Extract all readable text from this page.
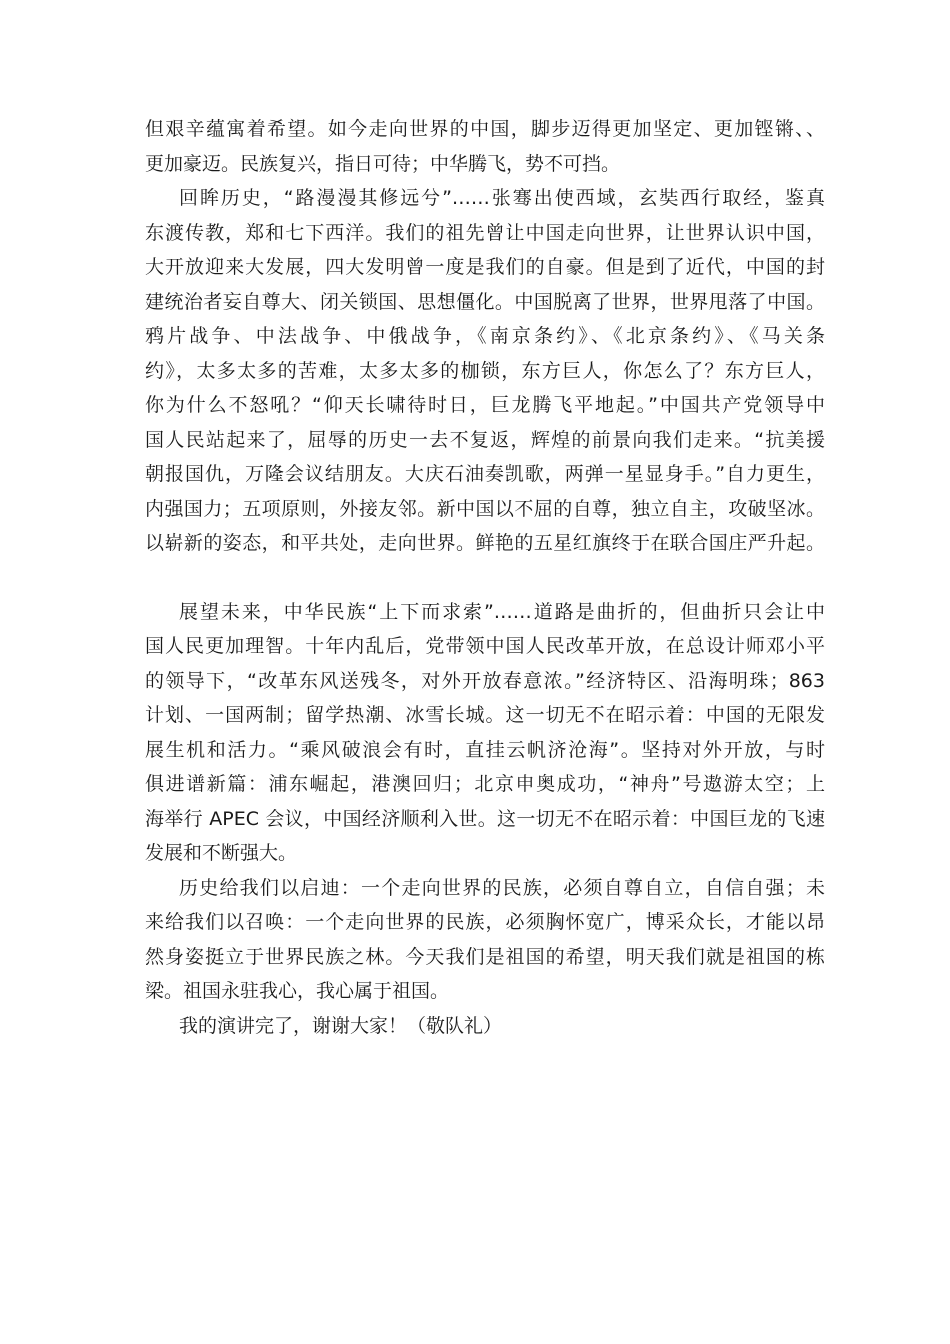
但艰辛蕴寓着希望。如今走向世界的中国，脚步迈得更加坚定、更加铿锵、、
更加豪迈。民族复兴，指日可待；中华腾飞，势不可挡。
回眸历史，“路漫漫其修远兮”……张骞出使西域，玄奘西行取经，鉴真
东渡传教，郑和七下西洋。我们的祖先曾让中国走向世界，让世界认识中国，
大开放迎来大发展，四大发明曾一度是我们的自豪。但是到了近代，中国的封
建统治者妄自尊大、闭关锁国、思想僵化。中国脱离了世界，世界甩落了中国。
鸦片战争、中法战争、中俄战争，《南京条约》、《北京条约》、《马关条
约》，太多太多的苦难，太多太多的枷锁，东方巨人，你怎么了？东方巨人，
你为什么不怒吼？“仰天长啸待时日，巨龙腾飞平地起。”中国共产党领导中
国人民站起来了，屈辱的历史一去不复返，辉煌的前景向我们走来。“抗美援
朝报国仇，万隆会议结朋友。大庆石油奏凯歌，两弹一星显身手。”自力更生，
内强国力；五项原则，外接友邻。新中国以不屈的自尊，独立自主，攻破坚冰。
以崭新的姿态，和平共处，走向世界。鲜艳的五星红旗终于在联合国庄严升起。
展望未来，中华民族“上下而求索”……道路是曲折的，但曲折只会让中
国人民更加理智。十年内乱后，党带领中国人民改革开放，在总设计师邓小平
的领导下，“改革东风送残冬，对外开放春意浓。”经济特区、沿海明珠；863
计划、一国两制；留学热潮、冰雪长城。这一切无不在昭示着：中国的无限发
展生机和活力。“乘风破浪会有时，直挂云帆济沧海”。坚持对外开放，与时
俱进谱新篇：浦东崛起，港澳回归；北京申奥成功，“神舟”号遨游太空；上
海举行 APEC 会议，中国经济顺利入世。这一切无不在昭示着：中国巨龙的飞速
发展和不断强大。
历史给我们以启迪：一个走向世界的民族，必须自尊自立，自信自强；未
来给我们以召唤：一个走向世界的民族，必须胸怀宽广，博采众长，才能以昂
然身姿挺立于世界民族之林。今天我们是祖国的希望，明天我们就是祖国的栋
梁。祖国永驻我心，我心属于祖国。
我的演讲完了，谢谢大家！（敬队礼）
